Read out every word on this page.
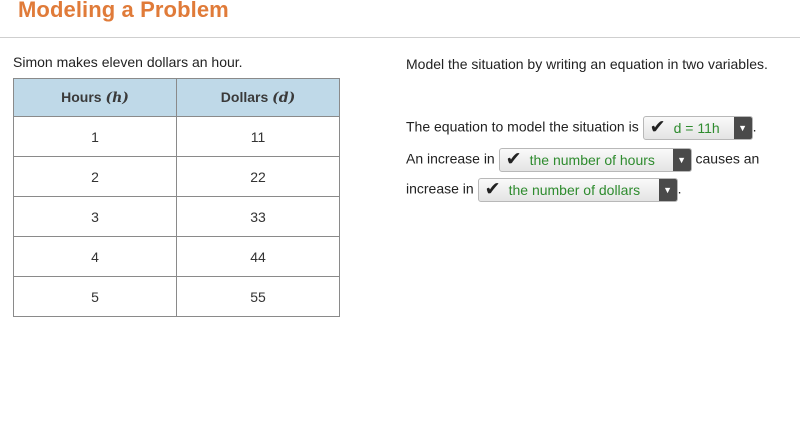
Modeling a Problem
Simon makes eleven dollars an hour.
Hours (h)	Dollars (d)
1	11
2	22
3	33
4	44
5	55
Model the situation by writing an equation in two variables.
The equation to model the situation is ✔ d = 11h	▼ .
An increase in ✔ the number of hours	▼ causes an
increase in ✔ the number of dollars	▼ .
